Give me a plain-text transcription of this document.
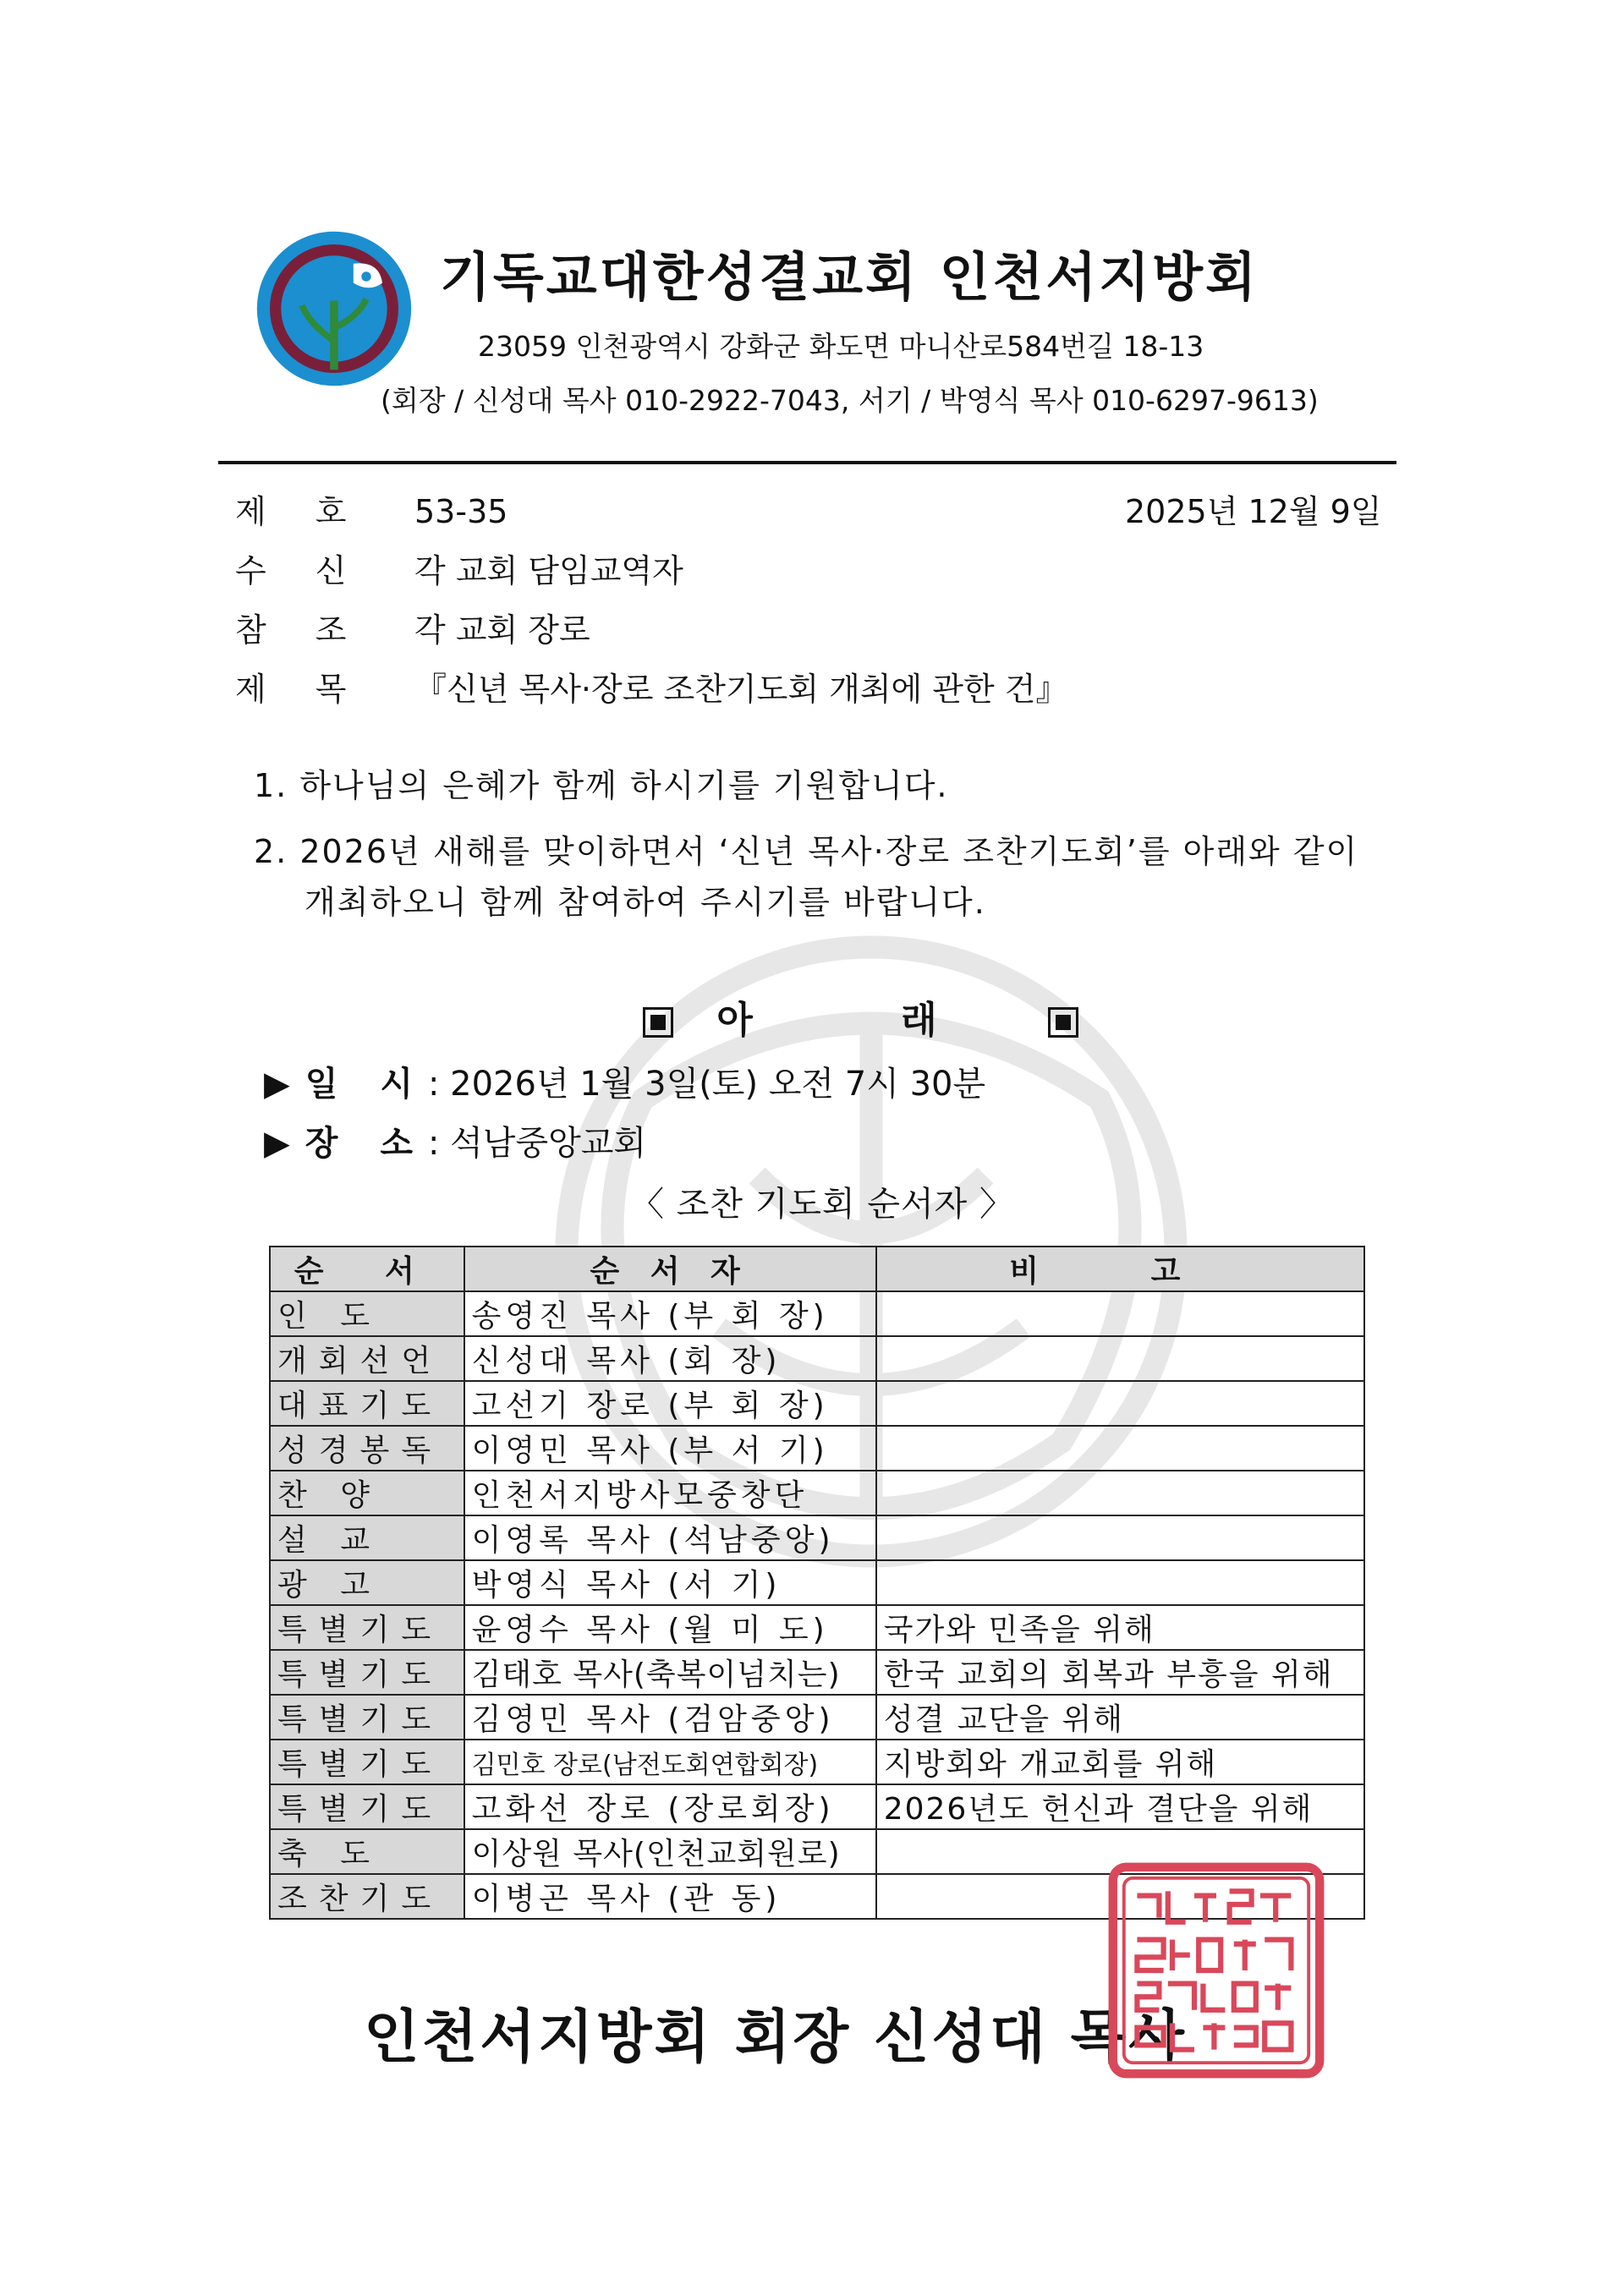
기독교대한성결교회 인천서지방회
23059 인천광역시 강화군 화도면 마니산로584번길 18-13
(회장 / 신성대 목사 010-2922-7043, 서기 / 박영식 목사 010-6297-9613)
제호 53-35	2025년 12월 9일
수신 각 교회 담임교역자
참조 각 교회 장로
제목 『신년 목사·장로 조찬기도회 개최에 관한 건』
1. 하나님의 은혜가 함께 하시기를 기원합니다.
2. 2026년 새해를 맞이하면서 ‘신년 목사·장로 조찬기도회’를 아래와 같이
개최하오니 함께 참여하여 주시기를 바랍니다.
아 래
▶일 시: 2026년 1월 3일(토) 오전 7시 30분
▶장 소: 석남중앙교회
〈 조찬 기도회 순서자 〉
순 서	순 서 자	비 고
인 도	송영진 목사 (부 회 장)	
개회선언	신성대 목사 (회 장)	
대표기도	고선기 장로 (부 회 장)	
성경봉독	이영민 목사 (부 서 기)	
찬 양	인천서지방사모중창단	
설 교	이영록 목사 (석남중앙)	
광 고	박영식 목사 (서 기)	
특별기도	윤영수 목사 (월 미 도)	국가와 민족을 위해
특별기도	김태호 목사(축복이넘치는)	한국 교회의 회복과 부흥을 위해
특별기도	김영민 목사 (검암중앙)	성결 교단을 위해
특별기도	김민호 장로(남전도회연합회장)	지방회와 개교회를 위해
특별기도	고화선 장로 (장로회장)	2026년도 헌신과 결단을 위해
축 도	이상원 목사(인천교회원로)	
조찬기도	이병곤 목사 (관 동)	
인천서지방회 회장 신성대 목사
